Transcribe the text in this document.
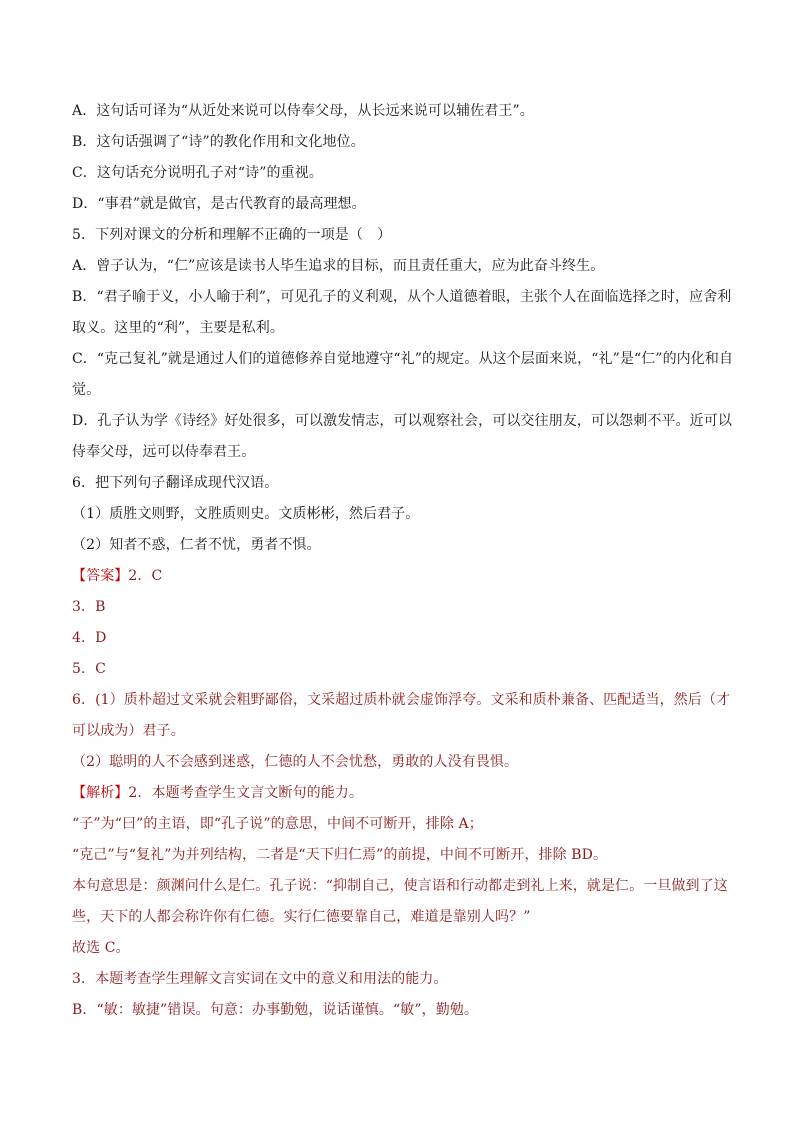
A．这句话可译为“从近处来说可以侍奉父母，从长远来说可以辅佐君王”。
B．这句话强调了“诗”的教化作用和文化地位。
C．这句话充分说明孔子对“诗”的重视。
D．“事君”就是做官，是古代教育的最高理想。
5．下列对课文的分析和理解不正确的一项是（　）
A．曾子认为，“仁”应该是读书人毕生追求的目标，而且责任重大，应为此奋斗终生。
B．“君子喻于义，小人喻于利”，可见孔子的义利观，从个人道德着眼，主张个人在面临选择之时，应舍利
取义。这里的“利”，主要是私利。
C．“克己复礼”就是通过人们的道德修养自觉地遵守“礼”的规定。从这个层面来说，“礼”是“仁”的内化和自
觉。
D．孔子认为学《诗经》好处很多，可以激发情志，可以观察社会，可以交往朋友，可以怨刺不平。近可以
侍奉父母，远可以侍奉君王。
6．把下列句子翻译成现代汉语。
（1）质胜文则野，文胜质则史。文质彬彬，然后君子。
（2）知者不惑，仁者不忧，勇者不惧。
【答案】2．C
3．B
4．D
5．C
6．(1）质朴超过文采就会粗野鄙俗，文采超过质朴就会虚饰浮夸。文采和质朴兼备、匹配适当，然后（才
可以成为）君子。
（2）聪明的人不会感到迷惑，仁德的人不会忧愁，勇敢的人没有畏惧。
【解析】2．本题考查学生文言文断句的能力。
“子”为“曰”的主语，即“孔子说”的意思，中间不可断开，排除 A；
“克己”与“复礼”为并列结构，二者是“天下归仁焉”的前提，中间不可断开，排除 BD。
本句意思是：颜渊问什么是仁。孔子说：“抑制自己，使言语和行动都走到礼上来，就是仁。一旦做到了这
些，天下的人都会称许你有仁德。实行仁德要靠自己，难道是靠别人吗？”
故选 C。
3．本题考查学生理解文言实词在文中的意义和用法的能力。
B．“敏：敏捷”错误。句意：办事勤勉，说话谨慎。“敏”，勤勉。
